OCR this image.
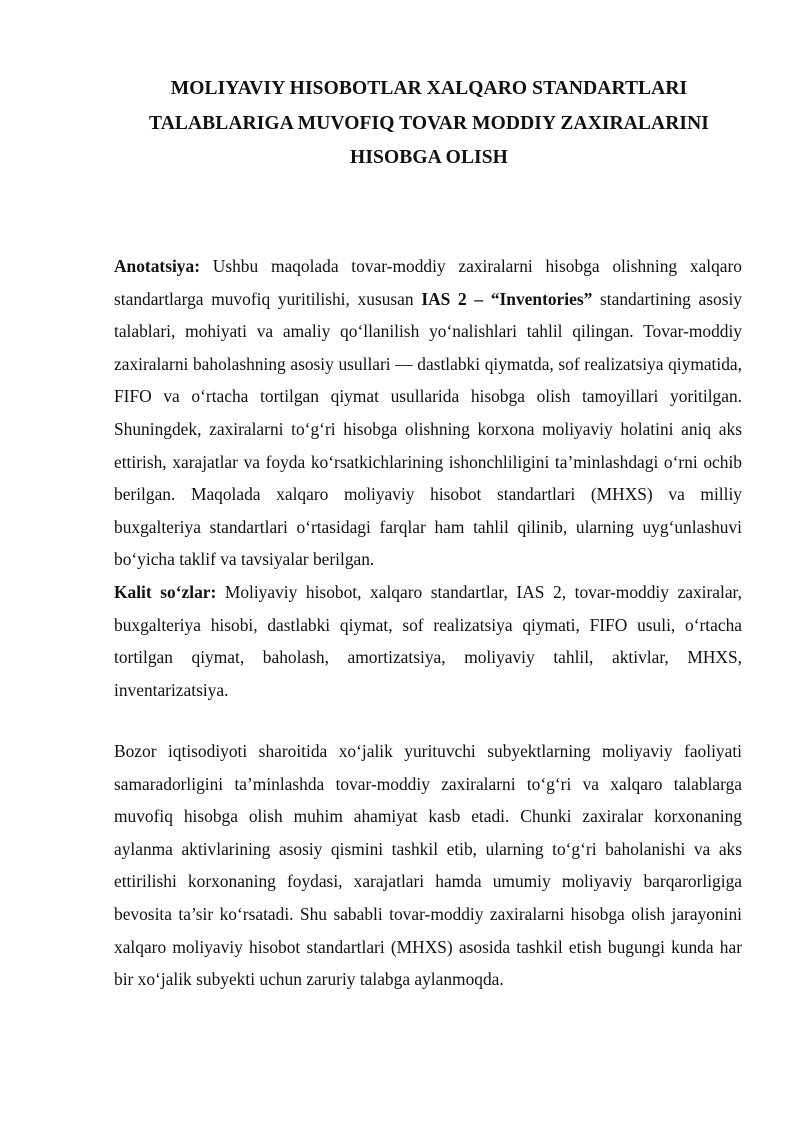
MOLIYAVIY HISOBOTLAR XALQARO STANDARTLARI
TALABLARIGA MUVOFIQ TOVAR MODDIY ZAXIRALARINI
HISOBGA OLISH

Anotatsiya: Ushbu maqolada tovar-moddiy zaxiralarni hisobga olishning xalqaro standartlarga muvofiq yuritilishi, xususan IAS 2 – “Inventories” standartining asosiy talablari, mohiyati va amaliy qo‘llanilish yo‘nalishlari tahlil qilingan. Tovar-moddiy zaxiralarni baholashning asosiy usullari — dastlabki qiymatda, sof realizatsiya qiymatida, FIFO va o‘rtacha tortilgan qiymat usullarida hisobga olish tamoyillari yoritilgan. Shuningdek, zaxiralarni to‘g‘ri hisobga olishning korxona moliyaviy holatini aniq aks ettirish, xarajatlar va foyda ko‘rsatkichlarining ishonchliligini ta’minlashdagi o‘rni ochib berilgan. Maqolada xalqaro moliyaviy hisobot standartlari (MHXS) va milliy buxgalteriya standartlari o‘rtasidagi farqlar ham tahlil qilinib, ularning uyg‘unlashuvi bo‘yicha taklif va tavsiyalar berilgan.

Kalit so‘zlar: Moliyaviy hisobot, xalqaro standartlar, IAS 2, tovar-moddiy zaxiralar, buxgalteriya hisobi, dastlabki qiymat, sof realizatsiya qiymati, FIFO usuli, o‘rtacha tortilgan qiymat, baholash, amortizatsiya, moliyaviy tahlil, aktivlar, MHXS, inventarizatsiya.

Bozor iqtisodiyoti sharoitida xo‘jalik yurituvchi subyektlarning moliyaviy faoliyati samaradorligini ta’minlashda tovar-moddiy zaxiralarni to‘g‘ri va xalqaro talablarga muvofiq hisobga olish muhim ahamiyat kasb etadi. Chunki zaxiralar korxonaning aylanma aktivlarining asosiy qismini tashkil etib, ularning to‘g‘ri baholanishi va aks ettirilishi korxonaning foydasi, xarajatlari hamda umumiy moliyaviy barqarorligiga bevosita ta’sir ko‘rsatadi. Shu sababli tovar-moddiy zaxiralarni hisobga olish jarayonini xalqaro moliyaviy hisobot standartlari (MHXS) asosida tashkil etish bugungi kunda har bir xo‘jalik subyekti uchun zaruriy talabga aylanmoqda.
